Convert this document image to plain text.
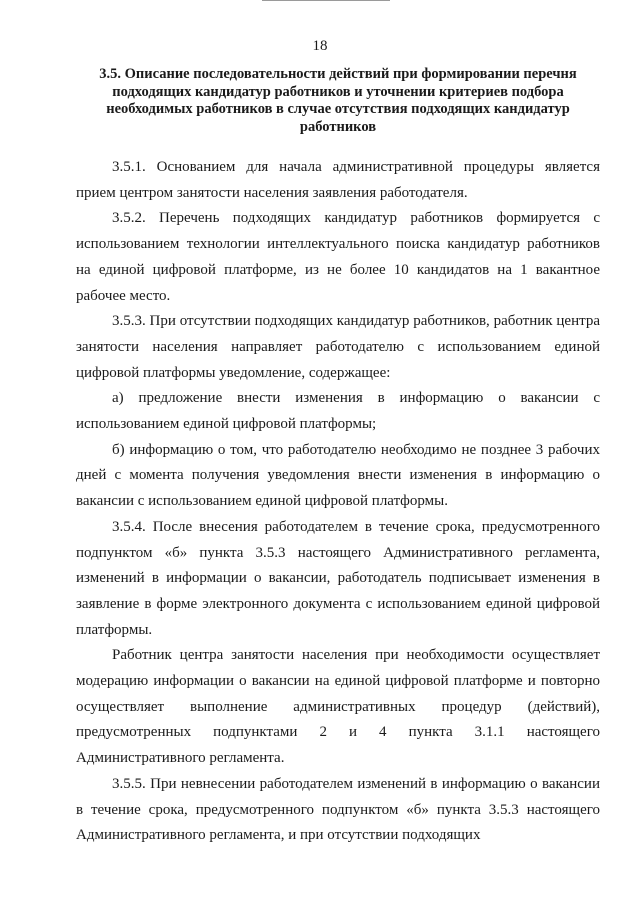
18
3.5. Описание последовательности действий при формировании перечня подходящих кандидатур работников и уточнении критериев подбора необходимых работников в случае отсутствия подходящих кандидатур работников

3.5.1. Основанием для начала административной процедуры является прием центром занятости населения заявления работодателя.

3.5.2. Перечень подходящих кандидатур работников формируется с использованием технологии интеллектуального поиска кандидатур работников на единой цифровой платформе, из не более 10 кандидатов на 1 вакантное рабочее место.

3.5.3. При отсутствии подходящих кандидатур работников, работник центра занятости населения направляет работодателю с использованием единой цифровой платформы уведомление, содержащее:

а) предложение внести изменения в информацию о вакансии с использованием единой цифровой платформы;

б) информацию о том, что работодателю необходимо не позднее 3 рабочих дней с момента получения уведомления внести изменения в информацию о вакансии с использованием единой цифровой платформы.

3.5.4. После внесения работодателем в течение срока, предусмотренного подпунктом «б» пункта 3.5.3 настоящего Административного регламента, изменений в информации о вакансии, работодатель подписывает изменения в заявление в форме электронного документа с использованием единой цифровой платформы.

Работник центра занятости населения при необходимости осуществляет модерацию информации о вакансии на единой цифровой платформе и повторно осуществляет выполнение административных процедур (действий), предусмотренных подпунктами 2 и 4 пункта 3.1.1 настоящего Административного регламента.

3.5.5. При невнесении работодателем изменений в информацию о вакансии в течение срока, предусмотренного подпунктом «б» пункта 3.5.3 настоящего Административного регламента, и при отсутствии подходящих
